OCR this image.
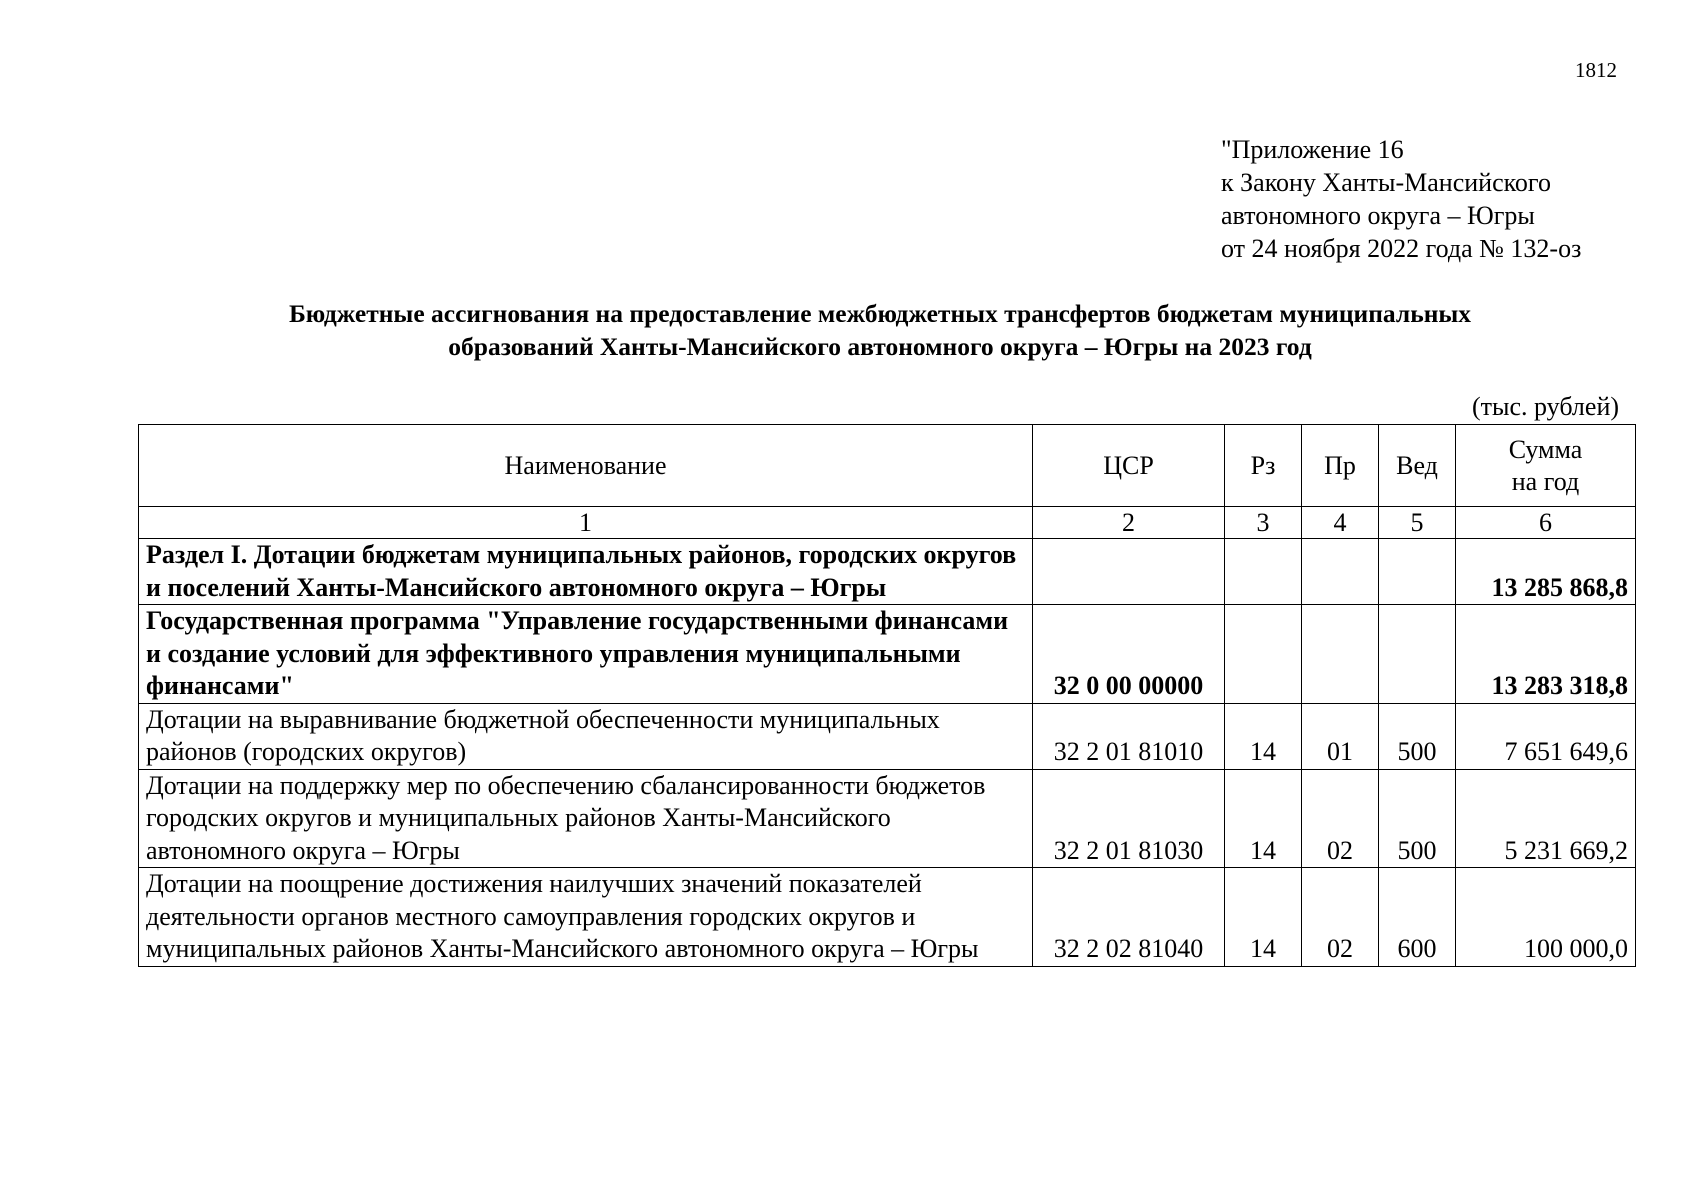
1812
"Приложение 16
к Закону Ханты-Мансийского
автономного округа – Югры
от 24 ноября 2022 года № 132-оз
Бюджетные ассигнования на предоставление межбюджетных трансфертов бюджетам муниципальных
образований Ханты-Мансийского автономного округа – Югры на 2023 год
(тыс. рублей)
Наименование	ЦСР	Рз	Пр	Вед	Сумма
на год

1	2	3	4	5	6
Раздел I. Дотации бюджетам муниципальных районов, городских округов и поселений Ханты-Мансийского автономного округа – Югры					13 285 868,8
Государственная программа "Управление государственными финансами и создание условий для эффективного управления муниципальными финансами"	32 0 00 00000				13 283 318,8
Дотации на выравнивание бюджетной обеспеченности муниципальных районов (городских округов)	32 2 01 81010	14	01	500	7 651 649,6
Дотации на поддержку мер по обеспечению сбалансированности бюджетов городских округов и муниципальных районов Ханты-Мансийского автономного округа – Югры	32 2 01 81030	14	02	500	5 231 669,2
Дотации на поощрение достижения наилучших значений показателей деятельности органов местного самоуправления городских округов и муниципальных районов Ханты-Мансийского автономного округа – Югры	32 2 02 81040	14	02	600	100 000,0
